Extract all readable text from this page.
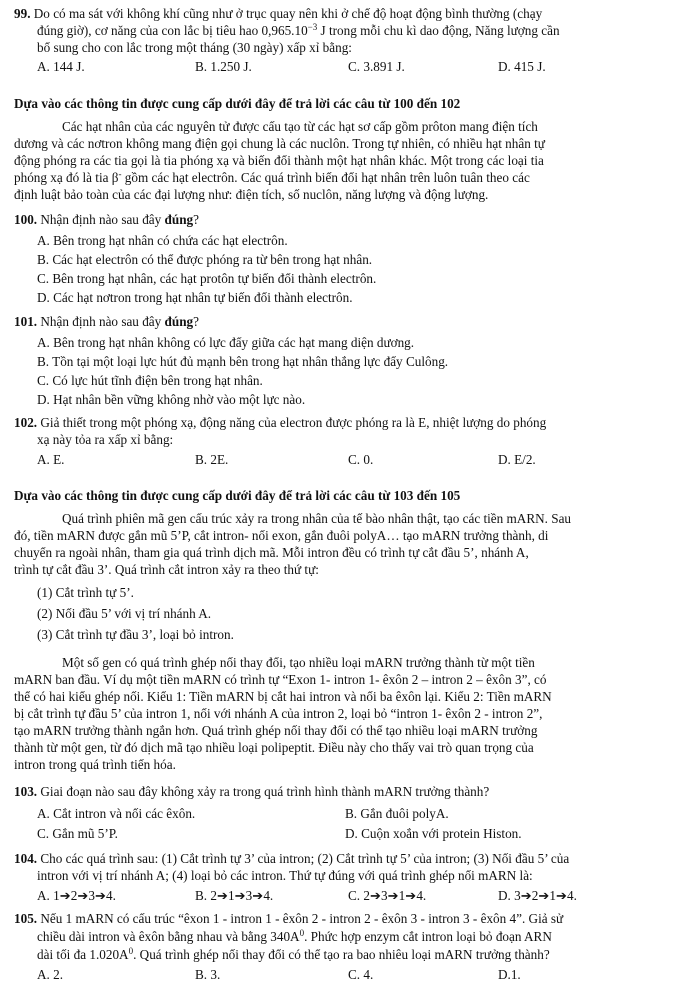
99. Do có ma sát với không khí cũng như ở trục quay nên khi ở chế độ hoạt động bình thường (chạy
đúng giờ), cơ năng của con lắc bị tiêu hao $0,965.10^{-3}$ J trong mỗi chu kì dao động, Năng lượng cần
bổ sung cho con lắc trong một tháng (30 ngày) xấp xỉ bằng:
A. 144 J.	B. 1.250 J.	C. 3.891 J.	D. 415 J.
Dựa vào các thông tin được cung cấp dưới đây để trả lời các câu từ 100 đến 102
Các hạt nhân của các nguyên tử được cấu tạo từ các hạt sơ cấp gồm prôton mang điện tích
dương và các nơtron không mang điện gọi chung là các nuclôn. Trong tự nhiên, có nhiều hạt nhân tự
động phóng ra các tia gọi là tia phóng xạ và biến đổi thành một hạt nhân khác. Một trong các loại tia
phóng xạ đó là tia β- gồm các hạt electrôn. Các quá trình biến đổi hạt nhân trên luôn tuân theo các
định luật bảo toàn của các đại lượng như: điện tích, số nuclôn, năng lượng và động lượng.
100. Nhận định nào sau đây đúng?
A. Bên trong hạt nhân có chứa các hạt electrôn.
B. Các hạt electrôn có thể được phóng ra từ bên trong hạt nhân.
C. Bên trong hạt nhân, các hạt protôn tự biến đổi thành electrôn.
D. Các hạt nơtron trong hạt nhân tự biến đổi thành electrôn.
101. Nhận định nào sau đây đúng?
A. Bên trong hạt nhân không có lực đẩy giữa các hạt mang diện dương.
B. Tồn tại một loại lực hút đủ mạnh bên trong hạt nhân thắng lực đẩy Culông.
C. Có lực hút tĩnh điện bên trong hạt nhân.
D. Hạt nhân bền vững không nhờ vào một lực nào.
102. Giả thiết trong một phóng xạ, động năng của electron được phóng ra là E, nhiệt lượng do phóng
xạ này tỏa ra xấp xỉ bằng:
A. E.	B. 2E.	C. 0.	D. E/2.
Dựa vào các thông tin được cung cấp dưới đây để trả lời các câu từ 103 đến 105
Quá trình phiên mã gen cấu trúc xảy ra trong nhân của tế bào nhân thật, tạo các tiền mARN. Sau
đó, tiền mARN được gắn mũ 5’P, cắt intron- nối exon, gắn đuôi polyA… tạo mARN trưởng thành, di
chuyển ra ngoài nhân, tham gia quá trình dịch mã. Mỗi intron đều có trình tự cắt đầu 5’, nhánh A,
trình tự cắt đầu 3’. Quá trình cắt intron xảy ra theo thứ tự:
(1) Cắt trình tự 5’.
(2) Nối đầu 5’ với vị trí nhánh A.
(3) Cắt trình tự đầu 3’, loại bỏ intron.
Một số gen có quá trình ghép nối thay đổi, tạo nhiều loại mARN trưởng thành từ một tiền
mARN ban đầu. Ví dụ một tiền mARN có trình tự “Exon 1- intron 1- êxôn 2 – intron 2 – êxôn 3”, có
thể có hai kiểu ghép nối. Kiểu 1: Tiền mARN bị cắt hai intron và nối ba êxôn lại. Kiểu 2: Tiền mARN
bị cắt trình tự đầu 5’ của intron 1, nối với nhánh A của intron 2, loại bỏ “intron 1- êxôn 2 - intron 2”,
tạo mARN trưởng thành ngắn hơn. Quá trình ghép nối thay đổi có thể tạo nhiều loại mARN trưởng
thành từ một gen, từ đó dịch mã tạo nhiều loại polipeptit. Điều này cho thấy vai trò quan trọng của
intron trong quá trình tiến hóa.
103. Giai đoạn nào sau đây không xảy ra trong quá trình hình thành mARN trưởng thành?
A. Cắt intron và nối các êxôn.	B. Gắn đuôi polyA.
C. Gắn mũ 5’P.	D. Cuộn xoắn với protein Histon.
104. Cho các quá trình sau: (1) Cắt trình tự 3’ của intron; (2) Cắt trình tự 5’ của intron; (3) Nối đầu 5’ của
intron với vị trí nhánh A; (4) loại bỏ các intron. Thứ tự đúng với quá trình ghép nối mARN là:
A. 1➔2➔3➔4.	B. 2➔1➔3➔4.	C. 2➔3➔1➔4.	D. 3➔2➔1➔4.
105. Nếu 1 mARN có cấu trúc “êxon 1 - intron 1 - êxôn 2 - intron 2 - êxôn 3 - intron 3 - êxôn 4”. Giả sử
chiều dài intron và êxôn bằng nhau và bằng $340A^0$. Phức hợp enzym cắt intron loại bỏ đoạn ARN
dài tối đa $1.020A^0$. Quá trình ghép nối thay đổi có thể tạo ra bao nhiêu loại mARN trưởng thành?
A. 2.	B. 3.	C. 4.	D.1.
